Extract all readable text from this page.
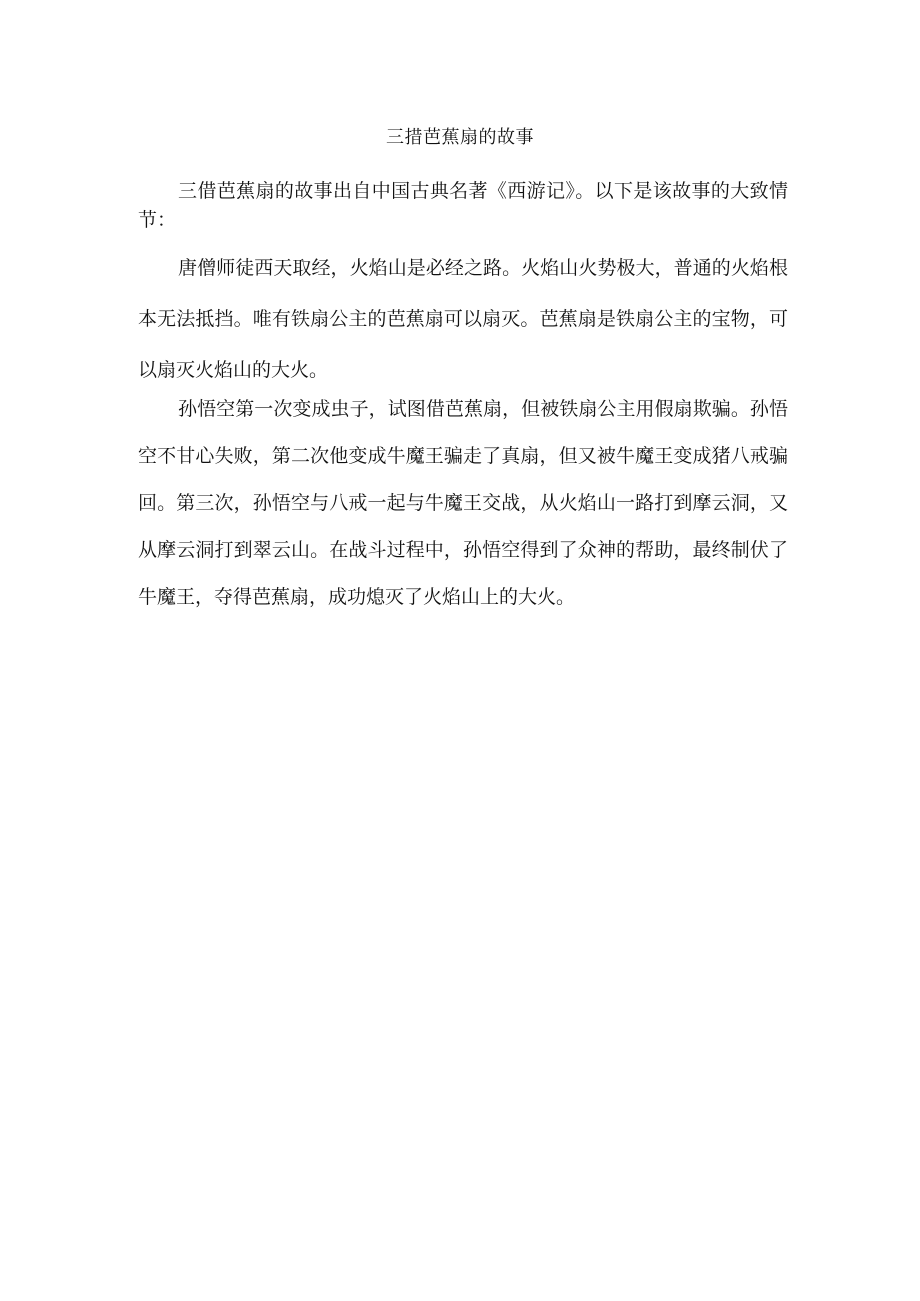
三措芭蕉扇的故事

三借芭蕉扇的故事出自中国古典名著《西游记》。以下是该故事的大致情节：

唐僧师徒西天取经，火焰山是必经之路。火焰山火势极大，普通的火焰根本无法抵挡。唯有铁扇公主的芭蕉扇可以扇灭。芭蕉扇是铁扇公主的宝物，可以扇灭火焰山的大火。

孙悟空第一次变成虫子，试图借芭蕉扇，但被铁扇公主用假扇欺骗。孙悟空不甘心失败，第二次他变成牛魔王骗走了真扇，但又被牛魔王变成猪八戒骗回。第三次，孙悟空与八戒一起与牛魔王交战，从火焰山一路打到摩云洞，又从摩云洞打到翠云山。在战斗过程中，孙悟空得到了众神的帮助，最终制伏了牛魔王，夺得芭蕉扇，成功熄灭了火焰山上的大火。
